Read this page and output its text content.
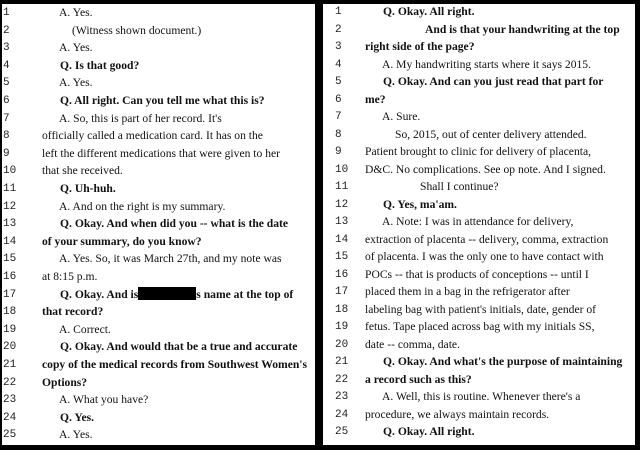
1	A. Yes.
2	(Witness shown document.)
3	A. Yes.
4	Q. Is that good?
5	A. Yes.
6	Q. All right. Can you tell me what this is?
7	A. So, this is part of her record. It's
8	officially called a medication card. It has on the
9	left the different medications that were given to her
10	that she received.
11	Q. Uh-huh.
12	A. And on the right is my summary.
13	Q. Okay. And when did you -- what is the date
14	of your summary, do you know?
15	A. Yes. So, it was March 27th, and my note was
16	at 8:15 p.m.
17	Q. Okay. And is	s name at the top of
18	that record?
19	A. Correct.
20	Q. Okay. And would that be a true and accurate
21	copy of the medical records from Southwest Women's
22	Options?
23	A. What you have?
24	Q. Yes.
25	A. Yes.
1	Q. Okay. All right.
2	And is that your handwriting at the top
3	right side of the page?
4	A. My handwriting starts where it says 2015.
5	Q. Okay. And can you just read that part for
6	me?
7	A. Sure.
8	So, 2015, out of center delivery attended.
9	Patient brought to clinic for delivery of placenta,
10	D&C. No complications. See op note. And I signed.
11	Shall I continue?
12	Q. Yes, ma'am.
13	A. Note: I was in attendance for delivery,
14	extraction of placenta -- delivery, comma, extraction
15	of placenta. I was the only one to have contact with
16	POCs -- that is products of conceptions -- until I
17	placed them in a bag in the refrigerator after
18	labeling bag with patient's initials, date, gender of
19	fetus. Tape placed across bag with my initials SS,
20	date -- comma, date.
21	Q. Okay. And what's the purpose of maintaining
22	a record such as this?
23	A. Well, this is routine. Whenever there's a
24	procedure, we always maintain records.
25	Q. Okay. All right.
